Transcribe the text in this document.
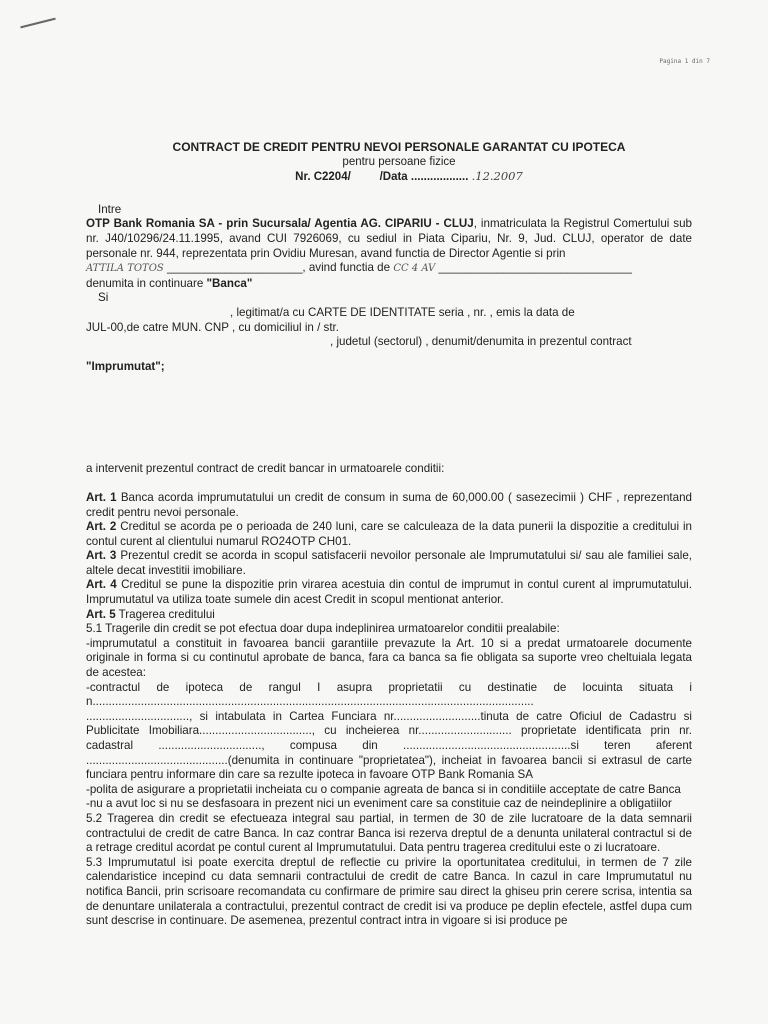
Pagina 1 din 7
CONTRACT DE CREDIT PENTRU NEVOI PERSONALE GARANTAT CU IPOTECA
pentru persoane fizice
Nr. C2204/	/Data .................. .12.2007

Intre

OTP Bank Romania SA - prin Sucursala/ Agentia AG. CIPARIU - CLUJ, inmatriculata la Registrul Comertului sub nr. J40/10296/24.11.1995, avand CUI 7926069, cu sediul in Piata Cipariu, Nr. 9, Jud. CLUJ, operator de date personale nr. 944, reprezentata prin Ovidiu Muresan, avand functia de Director Agentie si prin

ATTILA TOTOS _____________________, avind functia de CC 4 AV ______________________________

denumita in continuare "Banca"

Si

, legitimat/a cu CARTE DE IDENTITATE seria , nr. , emis la data de

JUL-00,de catre MUN. CNP , cu domiciliul in / str.

, judetul (sectorul) , denumit/denumita in prezentul contract

"Imprumutat";

a intervenit prezentul contract de credit bancar in urmatoarele conditii:

Art. 1 Banca acorda imprumutatului un credit de consum in suma de 60,000.00 ( sasezecimii ) CHF , reprezentand credit pentru nevoi personale.

Art. 2 Creditul se acorda pe o perioada de 240 luni, care se calculeaza de la data punerii la dispozitie a creditului in contul curent al clientului numarul RO24OTP CH01.

Art. 3 Prezentul credit se acorda in scopul satisfacerii nevoilor personale ale Imprumutatului si/ sau ale familiei sale, altele decat investitii imobiliare.

Art. 4 Creditul se pune la dispozitie prin virarea acestuia din contul de imprumut in contul curent al imprumutatului. Imprumutatul va utiliza toate sumele din acest Credit in scopul mentionat anterior.

Art. 5 Tragerea creditului

5.1 Tragerile din credit se pot efectua doar dupa indeplinirea urmatoarelor conditii prealabile:

-imprumutatul a constituit in favoarea bancii garantiile prevazute la Art. 10 si a predat urmatoarele documente originale in forma si cu continutul aprobate de banca, fara ca banca sa fie obligata sa suporte vreo cheltuiala legata de acestea:

-contractul de ipoteca de rangul I asupra proprietatii cu destinatie de locuinta situata in.........................................................................................................................................

................................, si intabulata in Cartea Funciara nr...........................tinuta de catre Oficiul de Cadastru si Publicitate Imobiliara..................................., cu incheierea nr............................. proprietate identificata prin nr. cadastral ................................, compusa din ....................................................si teren aferent ............................................(denumita in continuare "proprietatea"), incheiat in favoarea bancii si extrasul de carte funciara pentru informare din care sa rezulte ipoteca in favoare OTP Bank Romania SA

-polita de asigurare a proprietatii incheiata cu o companie agreata de banca si in conditiile acceptate de catre Banca

-nu a avut loc si nu se desfasoara in prezent nici un eveniment care sa constituie caz de neindeplinire a obligatiilor

5.2 Tragerea din credit se efectueaza integral sau partial, in termen de 30 de zile lucratoare de la data semnarii contractului de credit de catre Banca. In caz contrar Banca isi rezerva dreptul de a denunta unilateral contractul si de a retrage creditul acordat pe contul curent al Imprumutatului. Data pentru tragerea creditului este o zi lucratoare.

5.3 Imprumutatul isi poate exercita dreptul de reflectie cu privire la oportunitatea creditului, in termen de 7 zile calendaristice incepind cu data semnarii contractului de credit de catre Banca. In cazul in care Imprumutatul nu notifica Bancii, prin scrisoare recomandata cu confirmare de primire sau direct la ghiseu prin cerere scrisa, intentia sa de denuntare unilaterala a contractului, prezentul contract de credit isi va produce pe deplin efectele, astfel dupa cum sunt descrise in continuare. De asemenea, prezentul contract intra in vigoare si isi produce pe
